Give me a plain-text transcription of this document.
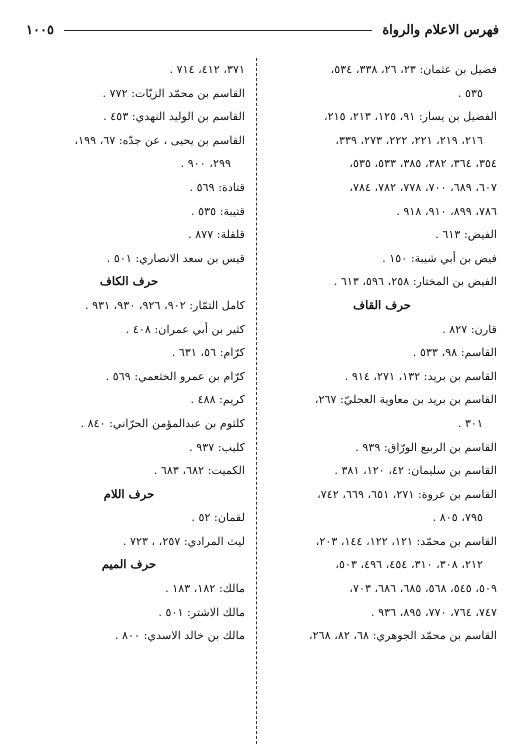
فهرس الاعلام والرواة
١٠٠٥
فضيل بن عثمان: ٢٣، ٢٦، ٣٣٨، ٥٣٤،
٥٣٥ .
الفضيل بن يسار: ٩١، ١٢٥، ٢١٣، ٢١٥،
٢١٦، ٢١٩، ٢٢١، ٢٢٢، ٢٧٣، ٣٣٩،
٣٥٤، ٣٦٤، ٣٨٢، ٣٨٥، ٥٣٣، ٥٣٥،
٦٠٧، ٦٨٩، ٧٠٠، ٧٧٨، ٧٨٢، ٧٨٤،
٧٨٦، ٨٩٩، ٩١٠، ٩١٨ .
الفيض: ٦١٣ .
فيض بن أبي شيبة: ١٥٠ .
الفيض بن المختار: ٢٥٨، ٥٩٦، ٦١٣ .
حرف القاف
قارن: ٨٢٧ .
القاسم: ٩٨، ٥٣٣ .
القاسم بن بريد: ١٣٢، ٢٧١، ٩١٤ .
القاسم بن بريد بن معاوية العجليّ: ٢٦٧،
٣٠١ .
القاسم بن الربيع الورّاق: ٩٣٩ .
القاسم بن سليمان: ٤٢، ١٢٠، ٣٨١ .
القاسم بن عروة: ٢٧١، ٦٥١، ٦٦٩، ٧٤٢،
٧٩٥، ٨٠٥ .
القاسم بن محمّد: ١٢١، ١٢٢، ١٤٤، ٢٠٣،
٢١٢، ٣٠٨، ٣١٠، ٤٥٤، ٤٩٦، ٥٠٣،
٥٠٩، ٥٤٥، ٥٦٨، ٦٨٥، ٦٨٦، ٧٠٣،
٧٤٧، ٧٦٤، ٧٧٠، ٨٩٥، ٩٣٦ .
القاسم بن محمّد الجوهري: ٦٨، ٨٢، ٢٦٨،
٣٧١، ٤١٢، ٧١٤ .
القاسم بن محمّد الزيّات: ٧٧٢ .
القاسم بن الوليد النهدي: ٤٥٣ .
القاسم بن يحيى ، عن جدّه: ٦٧، ١٩٩،
٢٩٩، ٩٠٠ .
قتادة: ٥٦٩ .
قتيبة: ٥٣٥ .
قلقلة: ٨٧٧ .
قيس بن سعد الانصاري: ٥٠١ .
حرف الكاف
كامل التمّار: ٩٠٢، ٩٢٦، ٩٣٠، ٩٣١ .
كثير بن أبي عمران: ٤٠٨ .
كرّام: ٥٦، ٦٣١ .
كرّام بن عمرو الخثعمي: ٥٦٩ .
كريم: ٤٨٨ .
كلثوم بن عبدالمؤمن الحرّاني: ٨٤٠ .
كليب: ٩٣٧ .
الكميت: ٦٨٢، ٦٨٣ .
حرف اللام
لقمان: ٥٢ .
ليث المرادي: ٢٥٧، ، ٧٢٣ .
حرف الميم
مالك: ١٨٢، ١٨٣ .
مالك الاشتر: ٥٠١ .
مالك بن خالد الاسدي: ٨٠٠ .
